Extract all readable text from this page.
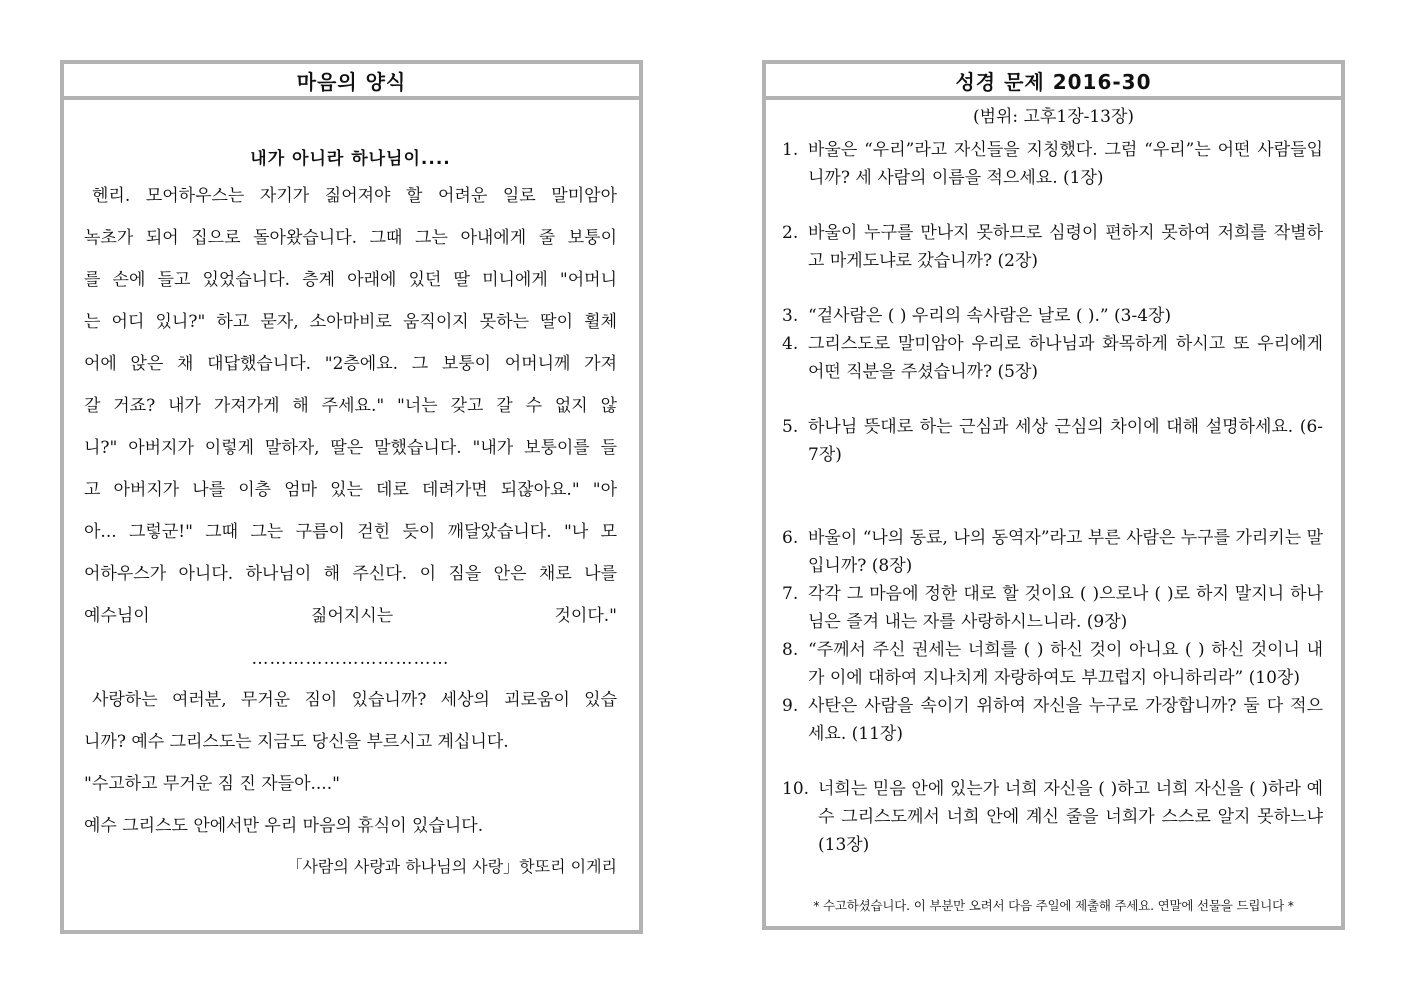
마음의 양식
내가 아니라 하나님이....
헨리. 모어하우스는 자기가 짊어져야 할 어려운 일로 말미암아
녹초가 되어 집으로 돌아왔습니다. 그때 그는 아내에게 줄 보퉁이
를 손에 들고 있었습니다. 층계 아래에 있던 딸 미니에게 "어머니
는 어디 있니?" 하고 묻자, 소아마비로 움직이지 못하는 딸이 휠체
어에 앉은 채 대답했습니다. "2층에요. 그 보퉁이 어머니께 가져
갈 거죠? 내가 가져가게 해 주세요." "너는 갖고 갈 수 없지 않
니?" 아버지가 이렇게 말하자, 딸은 말했습니다. "내가 보퉁이를 들
고 아버지가 나를 이층 엄마 있는 데로 데려가면 되잖아요." "아
아... 그렇군!" 그때 그는 구름이 걷힌 듯이 깨달았습니다. "나 모
어하우스가 아니다. 하나님이 해 주신다. 이 짐을 안은 채로 나를
예수님이 짊어지시는 것이다."
……………………………
사랑하는 여러분, 무거운 짐이 있습니까? 세상의 괴로움이 있습
니까? 예수 그리스도는 지금도 당신을 부르시고 계십니다.
"수고하고 무거운 짐 진 자들아...."
예수 그리스도 안에서만 우리 마음의 휴식이 있습니다.
「사람의 사랑과 하나님의 사랑」핫또리 이게리
성경 문제 2016-30
(범위: 고후1장-13장)
1. 바울은 “우리”라고 자신들을 지칭했다. 그럼 “우리”는 어떤 사람들입니까? 세 사람의 이름을 적으세요. (1장)
2. 바울이 누구를 만나지 못하므로 심령이 편하지 못하여 저희를 작별하고 마게도냐로 갔습니까? (2장)
3. “겉사람은 ( ) 우리의 속사람은 날로 ( ).” (3-4장)
4. 그리스도로 말미암아 우리로 하나님과 화목하게 하시고 또 우리에게 어떤 직분을 주셨습니까? (5장)
5. 하나님 뜻대로 하는 근심과 세상 근심의 차이에 대해 설명하세요. (6-7장)
6. 바울이 “나의 동료, 나의 동역자”라고 부른 사람은 누구를 가리키는 말입니까? (8장)
7. 각각 그 마음에 정한 대로 할 것이요 ( )으로나 ( )로 하지 말지니 하나님은 즐겨 내는 자를 사랑하시느니라. (9장)
8. “주께서 주신 권세는 너희를 ( ) 하신 것이 아니요 ( ) 하신 것이니 내가 이에 대하여 지나치게 자랑하여도 부끄럽지 아니하리라” (10장)
9. 사탄은 사람을 속이기 위하여 자신을 누구로 가장합니까? 둘 다 적으세요. (11장)
10. 너희는 믿음 안에 있는가 너희 자신을 ( )하고 너희 자신을 ( )하라 예수 그리스도께서 너희 안에 계신 줄을 너희가 스스로 알지 못하느냐 (13장)
* 수고하셨습니다. 이 부분만 오려서 다음 주일에 제출해 주세요. 연말에 선물을 드립니다 *
